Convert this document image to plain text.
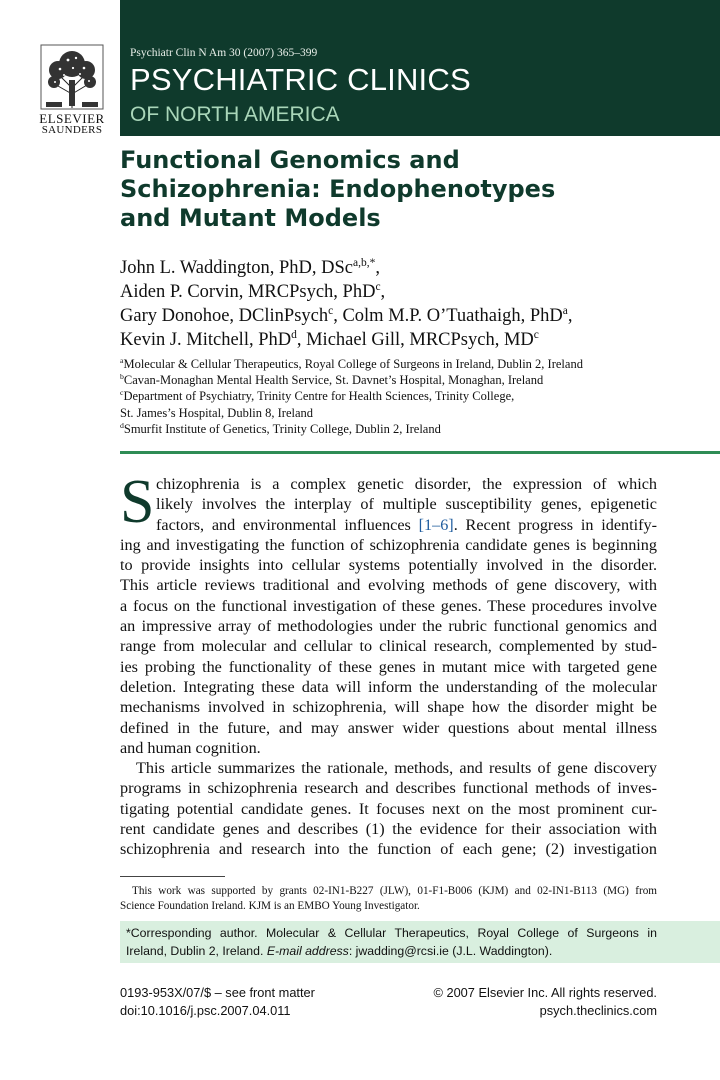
ELSEVIER
SAUNDERS
Psychiatr Clin N Am 30 (2007) 365–399
PSYCHIATRIC CLINICS
OF NORTH AMERICA
Functional Genomics and
Schizophrenia: Endophenotypes
and Mutant Models
John L. Waddington, PhD, DSc$^{a,b,*}$,
Aiden P. Corvin, MRCPsych, PhD$^c$,
Gary Donohoe, DClinPsych$^c$, Colm M.P. O’Tuathaigh, PhD$^a$,
Kevin J. Mitchell, PhD$^d$, Michael Gill, MRCPsych, $MD^c$
$^a$Molecular & Cellular Therapeutics, Royal College of Surgeons in Ireland, Dublin 2, Ireland
$^b$Cavan-Monaghan Mental Health Service, St. Davnet’s Hospital, Monaghan, Ireland
$^c$Department of Psychiatry, Trinity Centre for Health Sciences, Trinity College,
St. James’s Hospital, Dublin 8, Ireland
$^d$Smurfit Institute of Genetics, Trinity College, Dublin 2, Ireland
S chizophrenia is a complex genetic disorder, the expression of which
likely involves the interplay of multiple susceptibility genes, epigenetic
factors, and environmental influences [1–6]. Recent progress in identify-
ing and investigating the function of schizophrenia candidate genes is beginning
to provide insights into cellular systems potentially involved in the disorder.
This article reviews traditional and evolving methods of gene discovery, with
a focus on the functional investigation of these genes. These procedures involve
an impressive array of methodologies under the rubric functional genomics and
range from molecular and cellular to clinical research, complemented by stud-
ies probing the functionality of these genes in mutant mice with targeted gene
deletion. Integrating these data will inform the understanding of the molecular
mechanisms involved in schizophrenia, will shape how the disorder might be
defined in the future, and may answer wider questions about mental illness
and human cognition.
This article summarizes the rationale, methods, and results of gene discovery
programs in schizophrenia research and describes functional methods of inves-
tigating potential candidate genes. It focuses next on the most prominent cur-
rent candidate genes and describes (1) the evidence for their association with
schizophrenia and research into the function of each gene; (2) investigation
This work was supported by grants 02-IN1-B227 (JLW), 01-F1-B006 (KJM) and 02-IN1-B113 (MG) from
Science Foundation Ireland. KJM is an EMBO Young Investigator.
*Corresponding author. Molecular & Cellular Therapeutics, Royal College of Surgeons in
Ireland, Dublin 2, Ireland. E-mail address: jwadding@rcsi.ie (J.L. Waddington).
0193-953X/07/$ – see front matter
doi:10.1016/j.psc.2007.04.011
© 2007 Elsevier Inc. All rights reserved.
psych.theclinics.com
